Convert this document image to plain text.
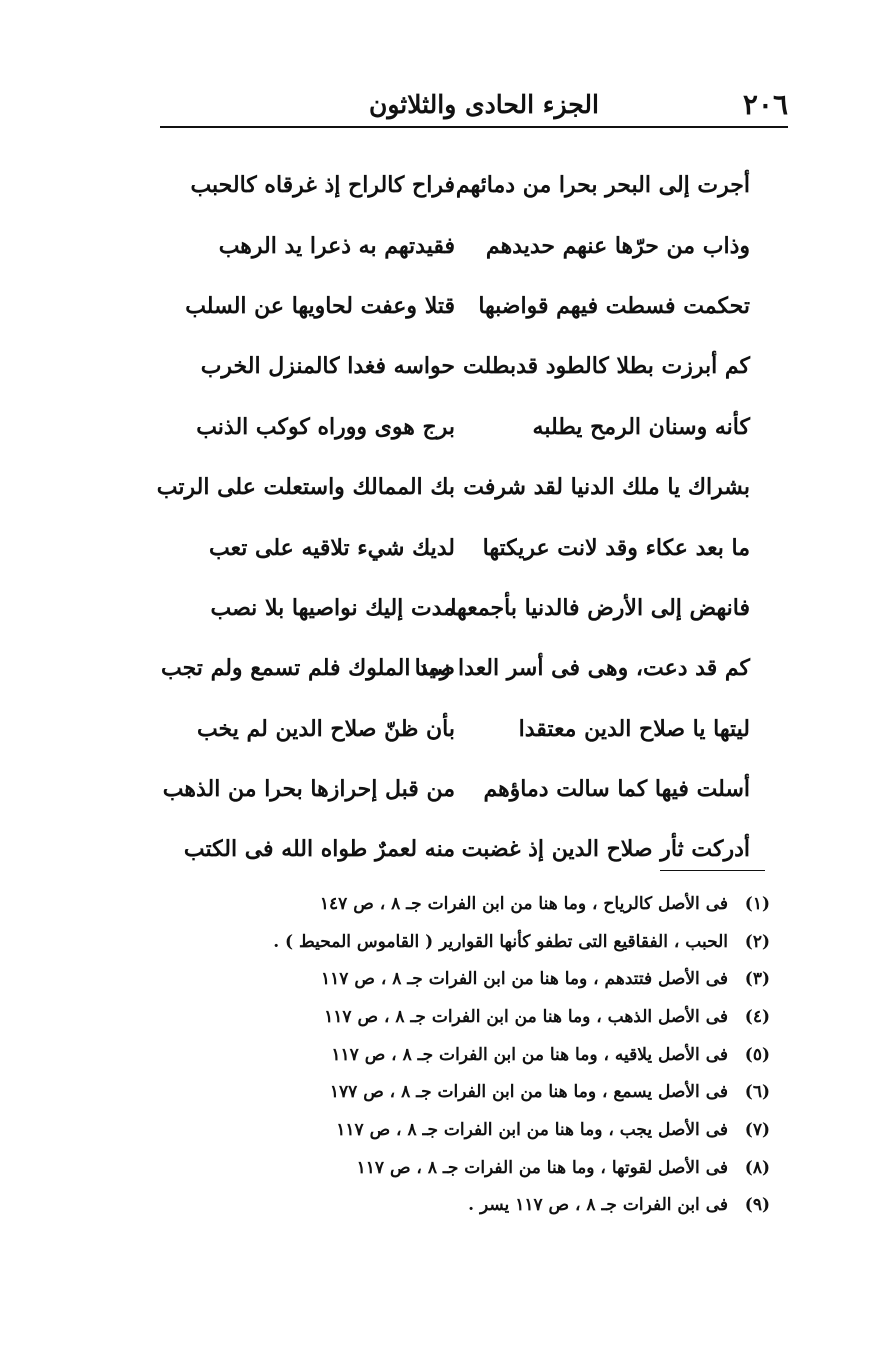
٢٠٦
الجزء الحادى والثلاثون
أجرت إلى البحر بحرا من دمائهم
فراح كالراح إذ غرقاه كالحبب
وذاب من حرّها عنهم حديدهم
فقيدتهم به ذعرا يد الرهب
تحكمت فسطت فيهم قواضبها
قتلا وعفت لحاويها عن السلب
كم أبرزت بطلا كالطود قدبطلت
حواسه فغدا كالمنزل الخرب
كأنه وسنان الرمح يطلبه
برج هوى ووراه كوكب الذنب
بشراك يا ملك الدنيا لقد شرفت
بك الممالك واستعلت على الرتب
ما بعد عكاء وقد لانت عريكتها
لديك شيء تلاقيه على تعب
فانهض إلى الأرض فالدنيا بأجمعها
مدت إليك نواصيها بلا نصب
كم قد دعت، وهى فى أسر العدا زمنا
صيد الملوك فلم تسمع ولم تجب
ليتها يا صلاح الدين معتقدا
بأن ظنّ صلاح الدين لم يخب
أسلت فيها كما سالت دماؤهم
من قبل إحرازها بحرا من الذهب
أدركت ثأر صلاح الدين إذ غضبت
منه لعمرٌ طواه الله فى الكتب
(١)
فى الأصل كالرياح ، وما هنا من ابن الفرات جـ ٨ ، ص ١٤٧
(٢)
الحبب ، الفقاقيع التى تطفو كأنها القوارير ( القاموس المحيط ) .
(٣)
فى الأصل فتتدهم ، وما هنا من ابن الفرات جـ ٨ ، ص ١١٧
(٤)
فى الأصل الذهب ، وما هنا من ابن الفرات جـ ٨ ، ص ١١٧
(٥)
فى الأصل يلاقيه ، وما هنا من ابن الفرات جـ ٨ ، ص ١١٧
(٦)
فى الأصل يسمع ، وما هنا من ابن الفرات جـ ٨ ، ص ١٧٧
(٧)
فى الأصل يجب ، وما هنا من ابن الفرات جـ ٨ ، ص ١١٧
(٨)
فى الأصل لقوتها ، وما هنا من الفرات جـ ٨ ، ص ١١٧
(٩)
فى ابن الفرات جـ ٨ ، ص ١١٧ يسر .
